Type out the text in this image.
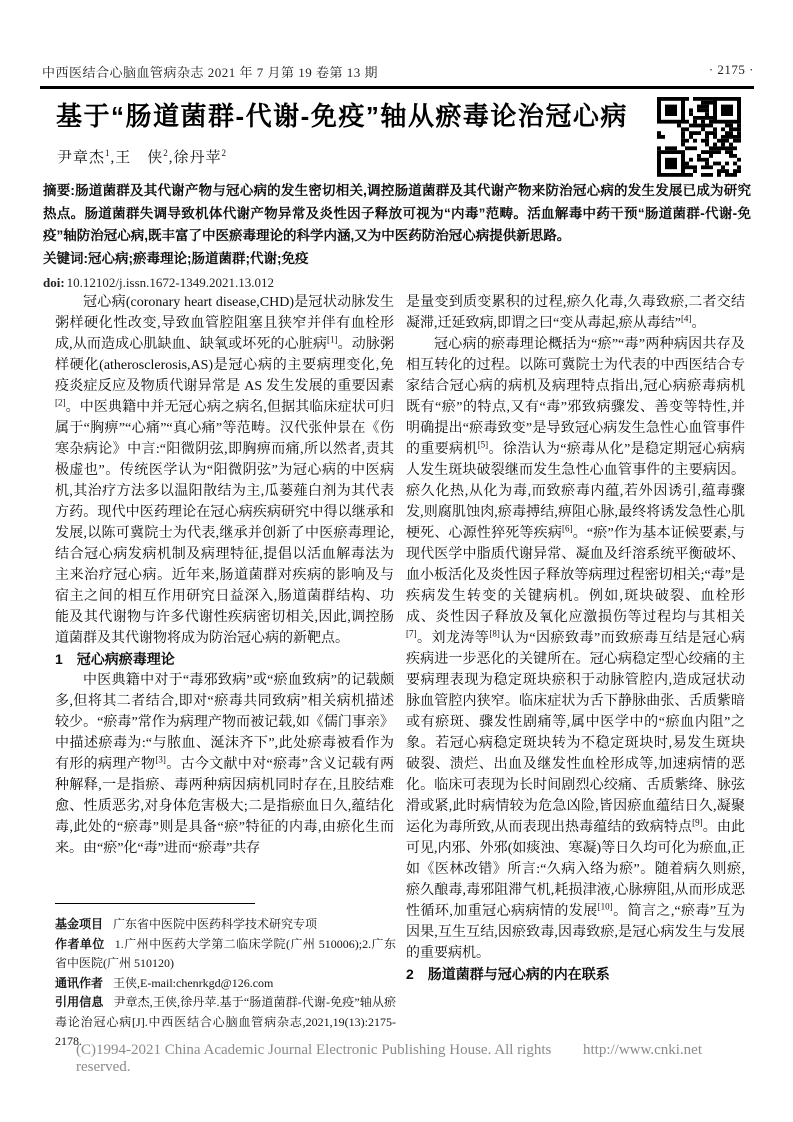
中西医结合心脑血管病杂志 2021 年 7 月第 19 卷第 13 期	· 2175 ·
基于“肠道菌群-代谢-免疫”轴从瘀毒论治冠心病
尹章杰$^1$,王　侠$^2$,徐丹苹$^2$

摘要:肠道菌群及其代谢产物与冠心病的发生密切相关,调控肠道菌群及其代谢产物来防治冠心病的发生发展已成为研究热点。肠道菌群失调导致机体代谢产物异常及炎性因子释放可视为“内毒”范畴。活血解毒中药干预“肠道菌群-代谢-免疫”轴防治冠心病,既丰富了中医瘀毒理论的科学内涵,又为中医药防治冠心病提供新思路。

关键词:冠心病;瘀毒理论;肠道菌群;代谢;免疫

doi: 10.12102/j.issn.1672-1349.2021.13.012

冠心病(coronary heart disease,CHD)是冠状动脉发生粥样硬化性改变,导致血管腔阻塞且狭窄并伴有血栓形成,从而造成心肌缺血、缺氧或坏死的心脏病[1]。动脉粥样硬化(atherosclerosis,AS)是冠心病的主要病理变化,免疫炎症反应及物质代谢异常是 AS 发生发展的重要因素[2]。中医典籍中并无冠心病之病名,但据其临床症状可归属于“胸痹”“心痛”“真心痛”等范畴。汉代张仲景在《伤寒杂病论》中言:“阳微阴弦,即胸痹而痛,所以然者,责其极虚也”。传统医学认为“阳微阴弦”为冠心病的中医病机,其治疗方法多以温阳散结为主,瓜蒌薤白剂为其代表方药。现代中医药理论在冠心病疾病研究中得以继承和发展,以陈可冀院士为代表,继承并创新了中医瘀毒理论,结合冠心病发病机制及病理特征,提倡以活血解毒法为主来治疗冠心病。近年来,肠道菌群对疾病的影响及与宿主之间的相互作用研究日益深入,肠道菌群结构、功能及其代谢物与许多代谢性疾病密切相关,因此,调控肠道菌群及其代谢物将成为防治冠心病的新靶点。

1　冠心病瘀毒理论

中医典籍中对于“毒邪致病”或“瘀血致病”的记载颇多,但将其二者结合,即对“瘀毒共同致病”相关病机描述较少。“瘀毒”常作为病理产物而被记载,如《儒门事亲》中描述瘀毒为:“与脓血、涎沫齐下”,此处瘀毒被看作为有形的病理产物[3]。古今文献中对“瘀毒”含义记载有两种解释,一是指瘀、毒两种病因病机同时存在,且胶结难愈、性质恶劣,对身体危害极大;二是指瘀血日久,蕴结化毒,此处的“瘀毒”则是具备“瘀”特征的内毒,由瘀化生而来。由“瘀”化“毒”进而“瘀毒”共存

是量变到质变累积的过程,瘀久化毒,久毒致瘀,二者交结凝滞,迁延致病,即谓之曰“变从毒起,瘀从毒结”[4]。

冠心病的瘀毒理论概括为“瘀”“毒”两种病因共存及相互转化的过程。以陈可冀院士为代表的中西医结合专家结合冠心病的病机及病理特点指出,冠心病瘀毒病机既有“瘀”的特点,又有“毒”邪致病骤发、善变等特性,并明确提出“瘀毒致变”是导致冠心病发生急性心血管事件的重要病机[5]。徐浩认为“瘀毒从化”是稳定期冠心病病人发生斑块破裂继而发生急性心血管事件的主要病因。瘀久化热,从化为毒,而致瘀毒内蕴,若外因诱引,蕴毒骤发,则腐肌蚀肉,瘀毒搏结,痹阻心脉,最终将诱发急性心肌梗死、心源性猝死等疾病[6]。“瘀”作为基本证候要素,与现代医学中脂质代谢异常、凝血及纤溶系统平衡破坏、血小板活化及炎性因子释放等病理过程密切相关;“毒”是疾病发生转变的关键病机。例如,斑块破裂、血栓形成、炎性因子释放及氧化应激损伤等过程均与其相关[7]。刘龙涛等[8]认为“因瘀致毒”而致瘀毒互结是冠心病疾病进一步恶化的关键所在。冠心病稳定型心绞痛的主要病理表现为稳定斑块瘀积于动脉管腔内,造成冠状动脉血管腔内狭窄。临床症状为舌下静脉曲张、舌质紫暗或有瘀斑、骤发性剧痛等,属中医学中的“瘀血内阻”之象。若冠心病稳定斑块转为不稳定斑块时,易发生斑块破裂、溃烂、出血及继发性血栓形成等,加速病情的恶化。临床可表现为长时间剧烈心绞痛、舌质紫绛、脉弦滑或紧,此时病情较为危急凶险,皆因瘀血蕴结日久,凝聚运化为毒所致,从而表现出热毒蕴结的致病特点[9]。由此可见,内邪、外邪(如痰浊、寒凝)等日久均可化为瘀血,正如《医林改错》所言:“久病入络为瘀”。随着病久则瘀,瘀久酿毒,毒邪阻滞气机,耗损津液,心脉痹阻,从而形成恶性循环,加重冠心病病情的发展[10]。简言之,“瘀毒”互为因果,互生互结,因瘀致毒,因毒致瘀,是冠心病发生与发展的重要病机。

2　肠道菌群与冠心病的内在联系

基金项目 广东省中医院中医药科学技术研究专项

作者单位 1.广州中医药大学第二临床学院(广州 510006);2.广东省中医院(广州 510120)

通讯作者 王侠,E-mail:chenrkgd@126.com

引用信息 尹章杰,王侠,徐丹苹.基于“肠道菌群-代谢-免疫”轴从瘀毒论治冠心病[J].中西医结合心脑血管病杂志,2021,19(13):2175-2178.

(C)1994-2021 China Academic Journal Electronic Publishing House. All rights reserved.
http://www.cnki.net
